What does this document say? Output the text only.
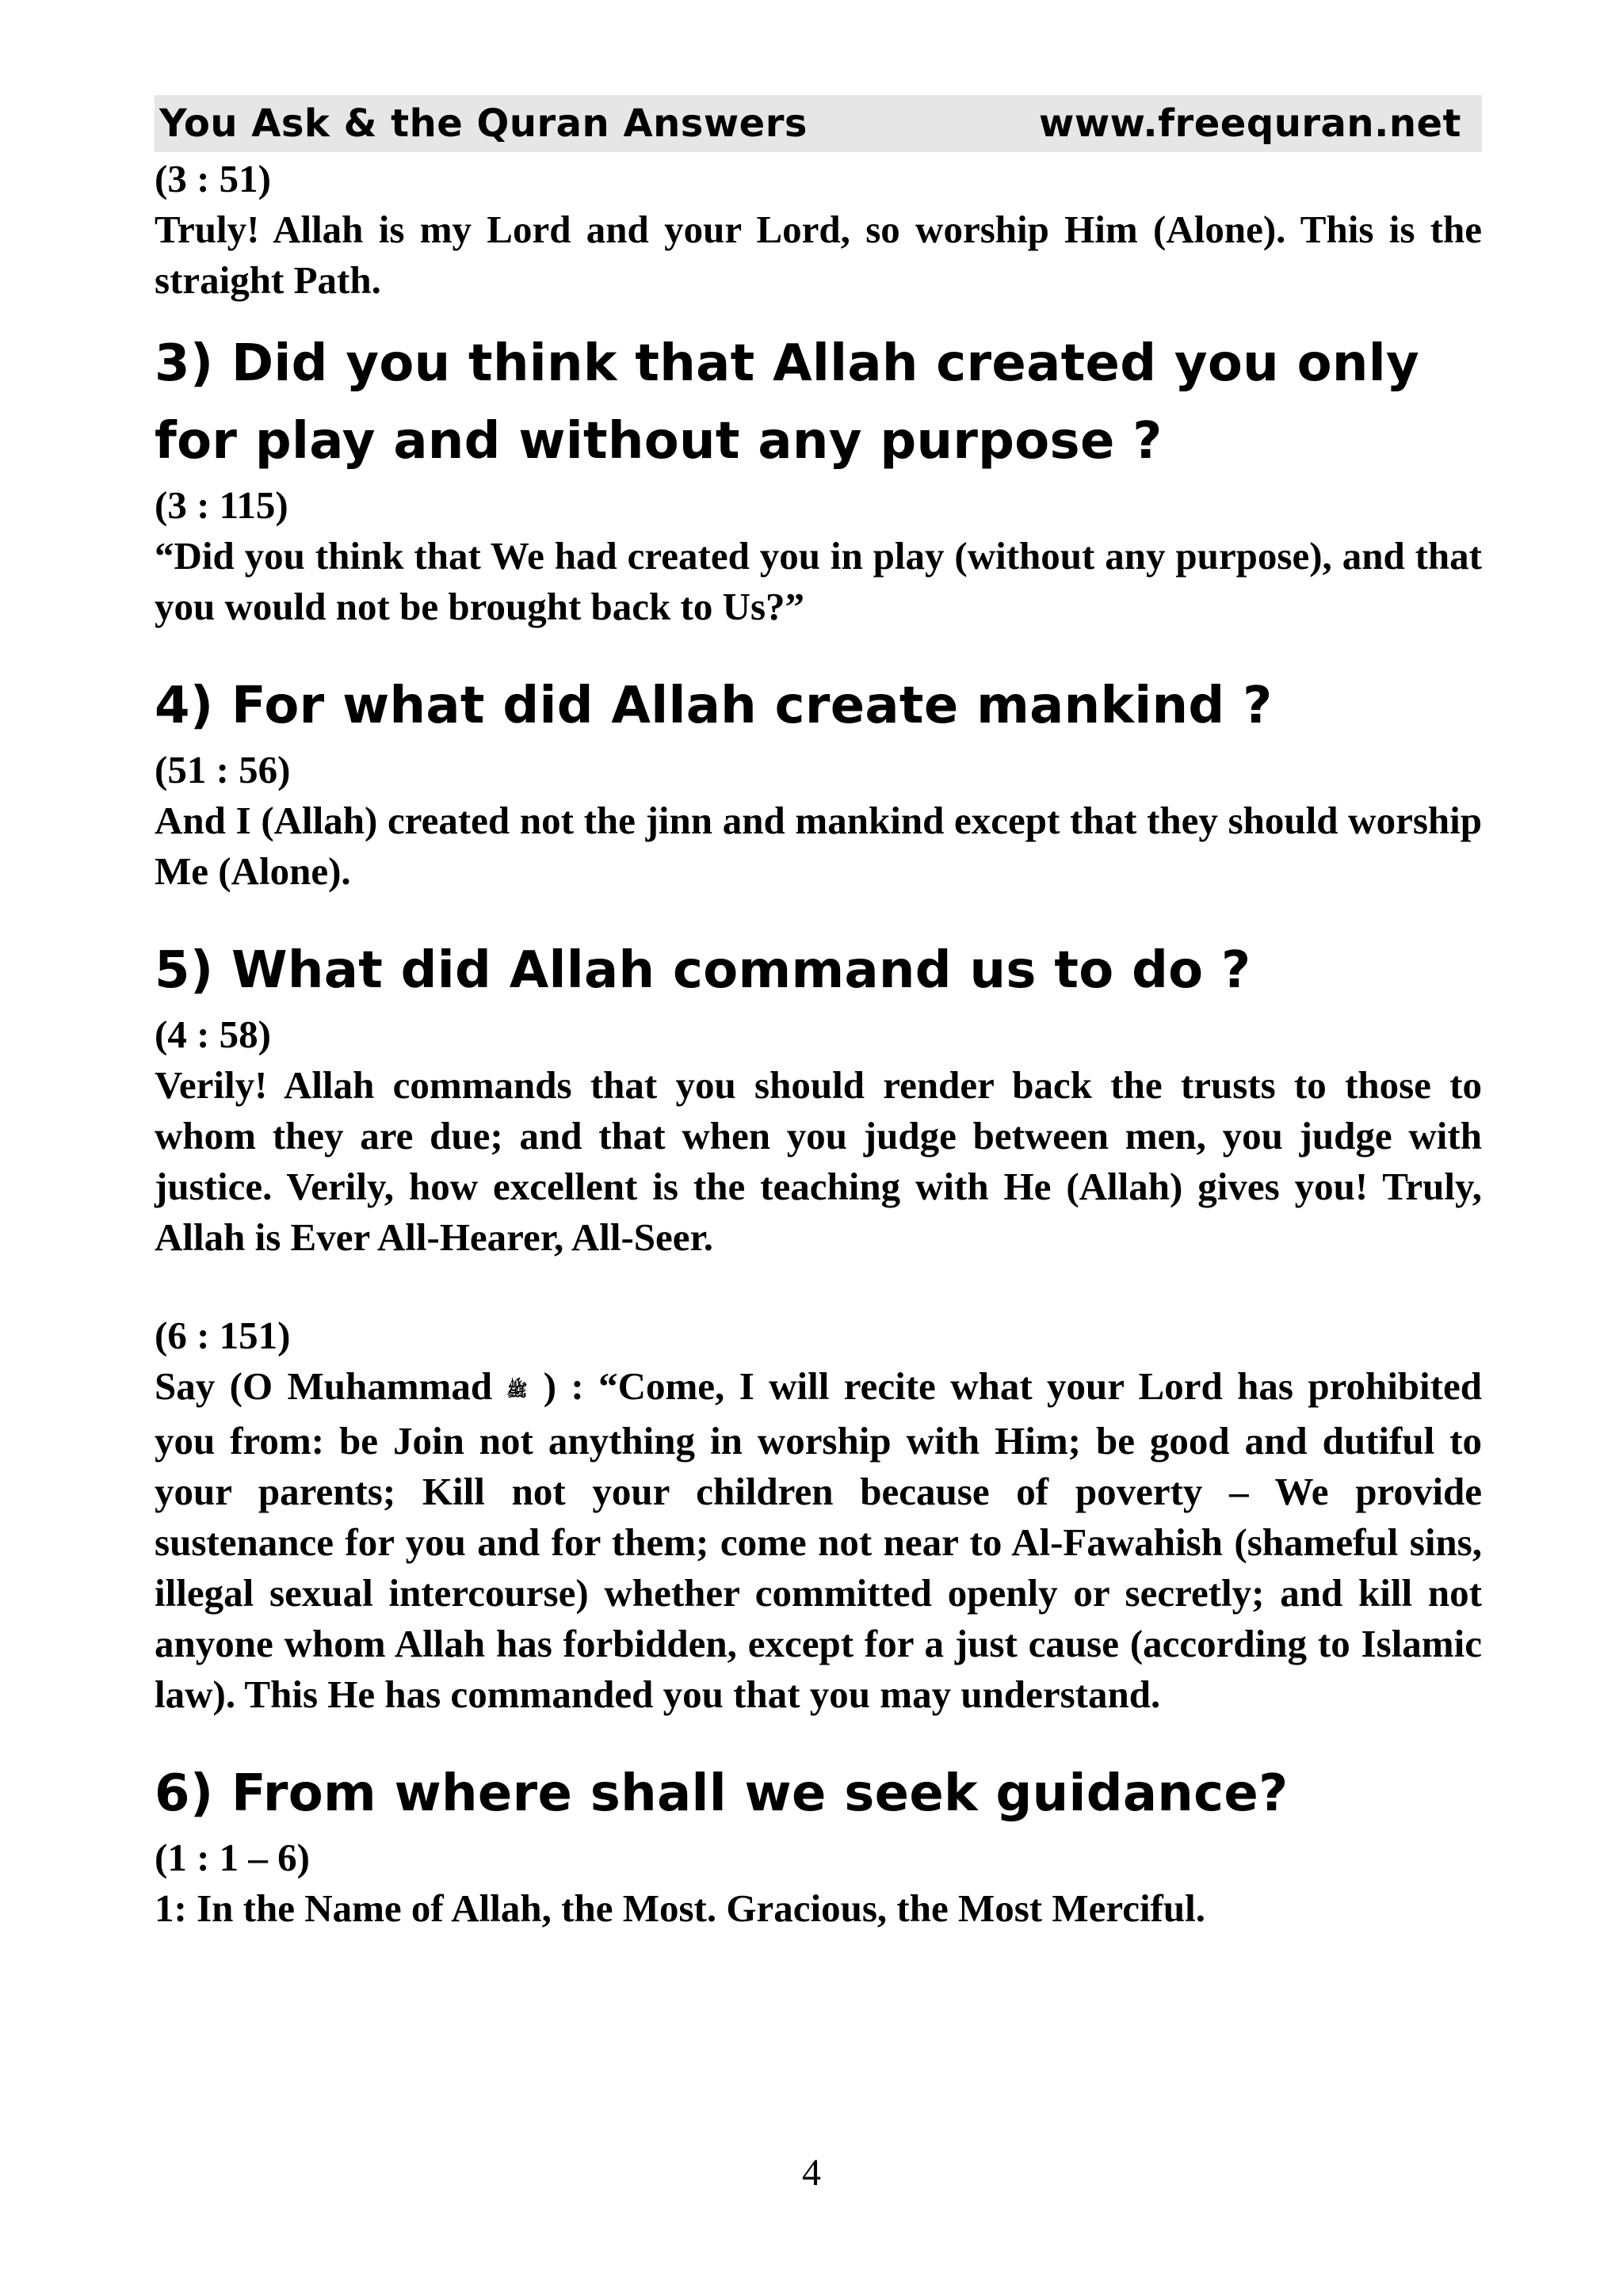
You Ask & the Quran Answers	www.freequran.net
(3 : 51)
Truly! Allah is my Lord and your Lord, so worship Him (Alone). This is the straight Path.
3) Did you think that Allah created you only for play and without any purpose ?
(3 : 115)
“Did you think that We had created you in play (without any purpose), and that you would not be brought back to Us?”
4) For what did Allah create mankind ?
(51 : 56)
And I (Allah) created not the jinn and mankind except that they should worship Me (Alone).
5) What did Allah command us to do ?
(4 : 58)
Verily! Allah commands that you should render back the trusts to those to whom they are due; and that when you judge between men, you judge with justice. Verily, how excellent is the teaching with He (Allah) gives you! Truly, Allah is Ever All-Hearer, All-Seer.
(6 : 151)
Say (O Muhammad ﷺ ) : “Come, I will recite what your Lord has prohibited you from: be Join not anything in worship with Him; be good and dutiful to your parents; Kill not your children because of poverty – We provide sustenance for you and for them; come not near to Al-Fawahish (shameful sins, illegal sexual intercourse) whether committed openly or secretly; and kill not anyone whom Allah has forbidden, except for a just cause (according to Islamic law). This He has commanded you that you may understand.
6) From where shall we seek guidance?
(1 : 1 – 6)
1: In the Name of Allah, the Most. Gracious, the Most Merciful.
4
